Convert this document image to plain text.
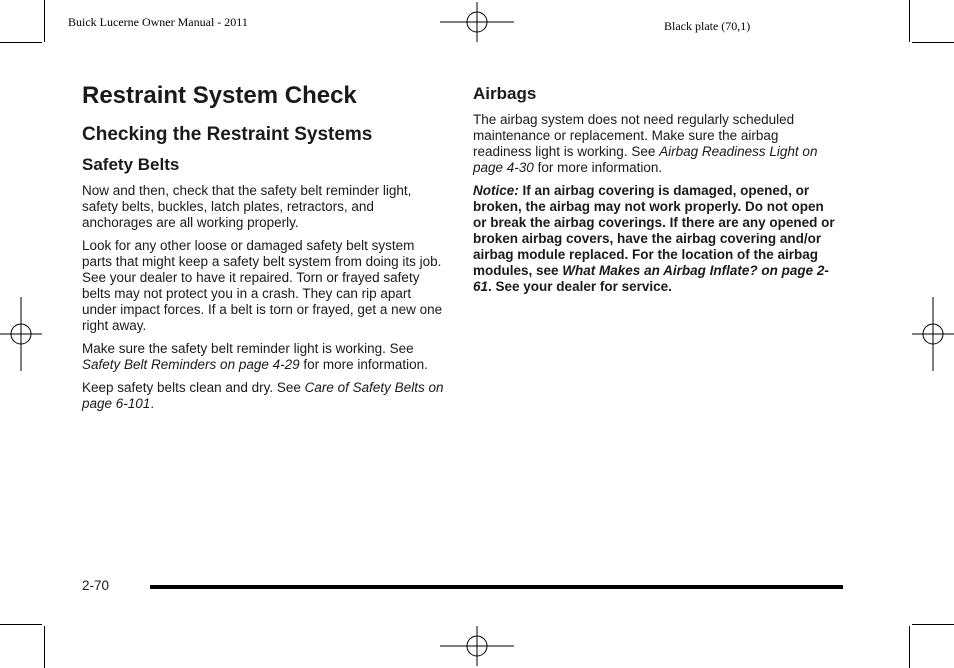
Buick Lucerne Owner Manual - 2011	Black plate (70,1)
Restraint System Check
Checking the Restraint Systems
Safety Belts

Now and then, check that the safety belt reminder light, safety belts, buckles, latch plates, retractors, and anchorages are all working properly.

Look for any other loose or damaged safety belt system parts that might keep a safety belt system from doing its job. See your dealer to have it repaired. Torn or frayed safety belts may not protect you in a crash. They can rip apart under impact forces. If a belt is torn or frayed, get a new one right away.

Make sure the safety belt reminder light is working. See Safety Belt Reminders on page 4-29 for more information.

Keep safety belts clean and dry. See Care of Safety Belts on page 6-101.

Airbags

The airbag system does not need regularly scheduled maintenance or replacement. Make sure the airbag readiness light is working. See Airbag Readiness Light on page 4-30 for more information.

Notice: If an airbag covering is damaged, opened, or broken, the airbag may not work properly. Do not open or break the airbag coverings. If there are any opened or broken airbag covers, have the airbag covering and/or airbag module replaced. For the location of the airbag modules, see What Makes an Airbag Inflate? on page 2-61. See your dealer for service.

2-70
